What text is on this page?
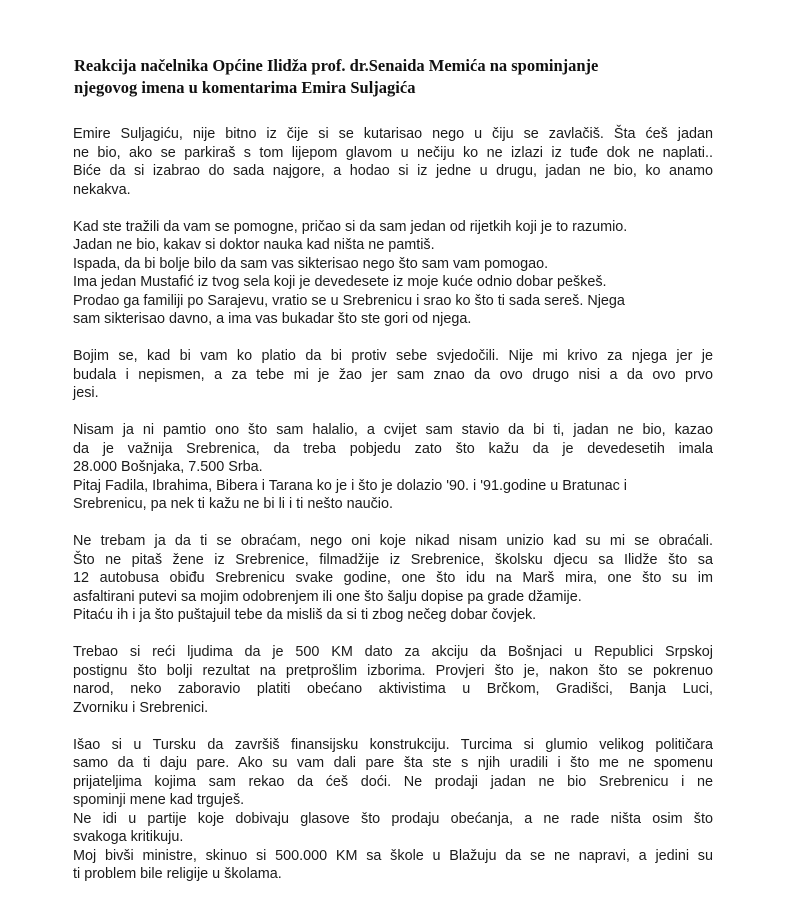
Reakcija načelnika Općine Ilidža prof. dr.Senaida Memića na spominjanje
njegovog imena u komentarima Emira Suljagića
Emire Suljagiću, nije bitno iz čije si se kutarisao nego u čiju se zavlačiš. Šta ćeš jadan
ne bio, ako se parkiraš s tom lijepom glavom u nečiju ko ne izlazi iz tuđe dok ne naplati..
Biće da si izabrao do sada najgore, a hodao si iz jedne u drugu, jadan ne bio, ko anamo
nekakva.
Kad ste tražili da vam se pomogne, pričao si da sam jedan od rijetkih koji je to razumio.
Jadan ne bio, kakav si doktor nauka kad ništa ne pamtiš.
Ispada, da bi bolje bilo da sam vas sikterisao nego što sam vam pomogao.
Ima jedan Mustafić iz tvog sela koji je devedesete iz moje kuće odnio dobar peškeš.
Prodao ga familiji po Sarajevu, vratio se u Srebrenicu i srao ko što ti sada sereš. Njega
sam sikterisao davno, a ima vas bukadar što ste gori od njega.
Bojim se, kad bi vam ko platio da bi protiv sebe svjedočili. Nije mi krivo za njega jer je
budala i nepismen, a za tebe mi je žao jer sam znao da ovo drugo nisi a da ovo prvo
jesi.
Nisam ja ni pamtio ono što sam halalio, a cvijet sam stavio da bi ti, jadan ne bio, kazao
da je važnija Srebrenica, da treba pobjedu zato što kažu da je devedesetih imala
28.000 Bošnjaka, 7.500 Srba.
Pitaj Fadila, Ibrahima, Bibera i Tarana ko je i što je dolazio '90. i '91.godine u Bratunac i
Srebrenicu, pa nek ti kažu ne bi li i ti nešto naučio.
Ne trebam ja da ti se obraćam, nego oni koje nikad nisam unizio kad su mi se obraćali.
Što ne pitaš žene iz Srebrenice, filmadžije iz Srebrenice, školsku djecu sa Ilidže što sa
12 autobusa obiđu Srebrenicu svake godine, one što idu na Marš mira, one što su im
asfaltirani putevi sa mojim odobrenjem ili one što šalju dopise pa grade džamije.
Pitaću ih i ja što puštajuil tebe da misliš da si ti zbog nečeg dobar čovjek.
Trebao si reći ljudima da je 500 KM dato za akciju da Bošnjaci u Republici Srpskoj
postignu što bolji rezultat na pretprošlim izborima. Provjeri što je, nakon što se pokrenuo
narod, neko zaboravio platiti obećano aktivistima u Brčkom, Gradišci, Banja Luci,
Zvorniku i Srebrenici.
Išao si u Tursku da završiš finansijsku konstrukciju. Turcima si glumio velikog političara
samo da ti daju pare. Ako su vam dali pare šta ste s njih uradili i što me ne spomenu
prijateljima kojima sam rekao da ćeš doći. Ne prodaji jadan ne bio Srebrenicu i ne
spominji mene kad trguješ.
Ne idi u partije koje dobivaju glasove što prodaju obećanja, a ne rade ništa osim što
svakoga kritikuju.
Moj bivši ministre, skinuo si 500.000 KM sa škole u Blažuju da se ne napravi, a jedini su
ti problem bile religije u školama.
